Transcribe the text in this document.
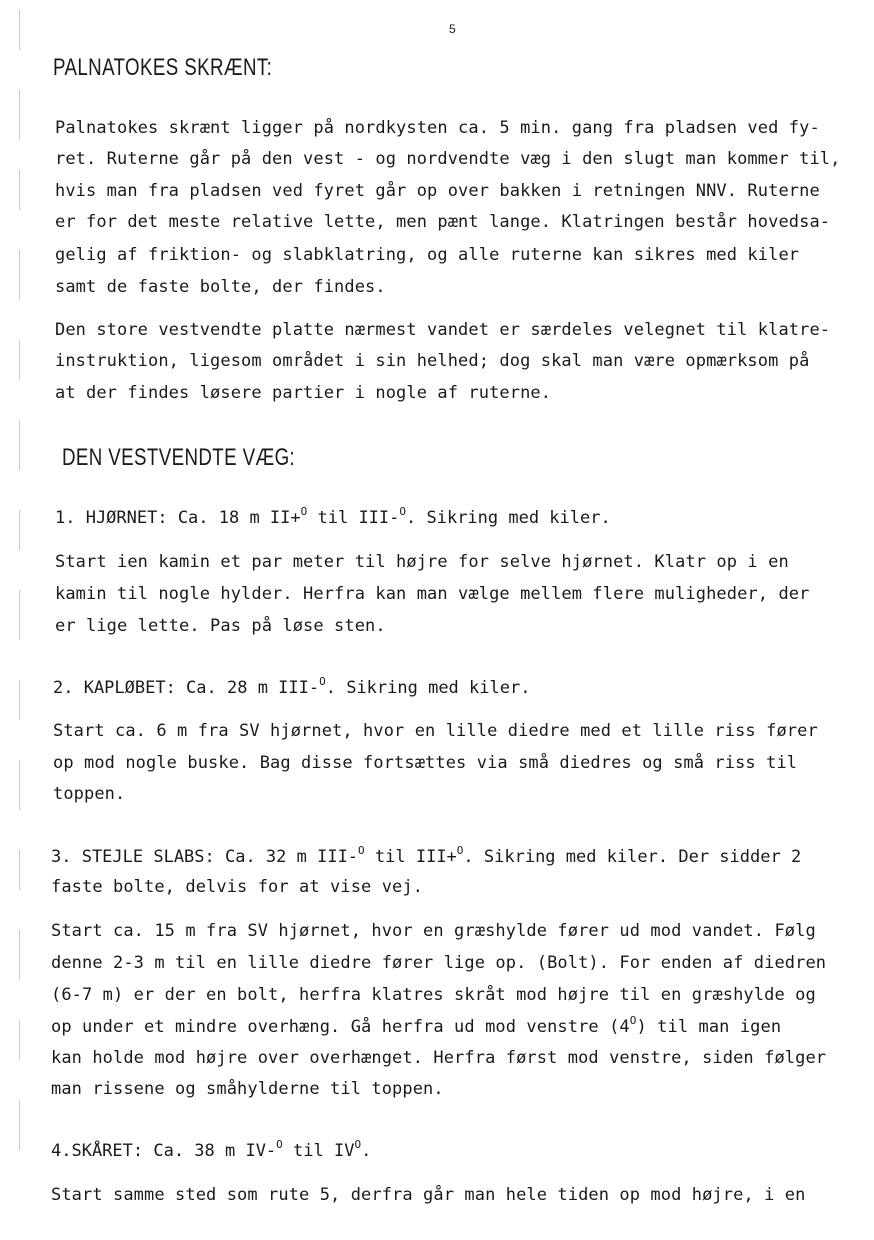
5
PALNATOKES SKRÆNT:
Palnatokes skrænt ligger på nordkysten ca. 5 min. gang fra pladsen ved fy-
ret. Ruterne går på den vest - og nordvendte væg i den slugt man kommer til,
hvis man fra pladsen ved fyret går op over bakken i retningen NNV. Ruterne
er for det meste relative lette, men pænt lange. Klatringen består hovedsa-
gelig af friktion- og slabklatring, og alle ruterne kan sikres med kiler
samt de faste bolte, der findes.
Den store vestvendte platte nærmest vandet er særdeles velegnet til klatre-
instruktion, ligesom området i sin helhed; dog skal man være opmærksom på
at der findes løsere partier i nogle af ruterne.
DEN VESTVENDTE VÆG:
1. HJØRNET: Ca. 18 m II+$^O$ til III-$^O$. Sikring med kiler.
Start ien kamin et par meter til højre for selve hjørnet. Klatr op i en
kamin til nogle hylder. Herfra kan man vælge mellem flere muligheder, der
er lige lette. Pas på løse sten.
2. KAPLØBET: Ca. 28 m III-$^O$. Sikring med kiler.
Start ca. 6 m fra SV hjørnet, hvor en lille diedre med et lille riss fører
op mod nogle buske. Bag disse fortsættes via små diedres og små riss til
toppen.
3. STEJLE SLABS: Ca. 32 m III-$^O$ til III+$^O$. Sikring med kiler. Der sidder 2
faste bolte, delvis for at vise vej.
Start ca. 15 m fra SV hjørnet, hvor en græshylde fører ud mod vandet. Følg
denne 2-3 m til en lille diedre fører lige op. (Bolt). For enden af diedren
(6-7 m) er der en bolt, herfra klatres skråt mod højre til en græshylde og
op under et mindre overhæng. Gå herfra ud mod venstre $(4^O)$ til man igen
kan holde mod højre over overhænget. Herfra først mod venstre, siden følger
man rissene og småhylderne til toppen.
4.SKÅRET: Ca. 38 m IV-$^O$ til $IV^O$.
Start samme sted som rute 5, derfra går man hele tiden op mod højre, i en
